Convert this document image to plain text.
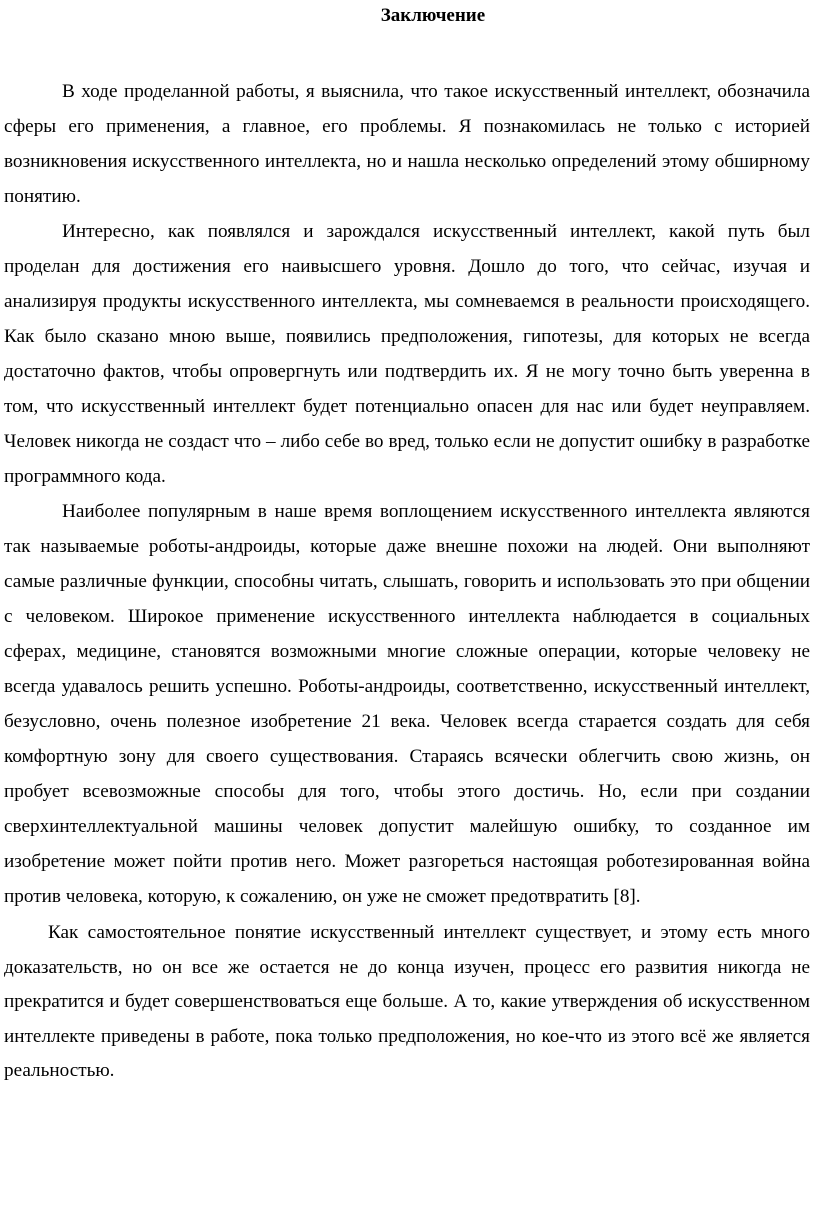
Заключение

В ходе проделанной работы, я выяснила, что такое искусственный интеллект, обозначила сферы его применения, а главное, его проблемы. Я познакомилась не только с историей возникновения искусственного интеллекта, но и нашла несколько определений этому обширному понятию.

Интересно, как появлялся и зарождался искусственный интеллект, какой путь был проделан для достижения его наивысшего уровня. Дошло до того, что сейчас, изучая и анализируя продукты искусственного интеллекта, мы сомневаемся в реальности происходящего. Как было сказано мною выше, появились предположения, гипотезы, для которых не всегда достаточно фактов, чтобы опровергнуть или подтвердить их. Я не могу точно быть уверенна в том, что искусственный интеллект будет потенциально опасен для нас или будет неуправляем. Человек никогда не создаст что – либо себе во вред, только если не допустит ошибку в разработке программного кода.

Наиболее популярным в наше время воплощением искусственного интеллекта являются так называемые роботы-андроиды, которые даже внешне похожи на людей. Они выполняют самые различные функции, способны читать, слышать, говорить и использовать это при общении с человеком. Широкое применение искусственного интеллекта наблюдается в социальных сферах, медицине, становятся возможными многие сложные операции, которые человеку не всегда удавалось решить успешно. Роботы-андроиды, соответственно, искусственный интеллект, безусловно, очень полезное изобретение 21 века. Человек всегда старается создать для себя комфортную зону для своего существования. Стараясь всячески облегчить свою жизнь, он пробует всевозможные способы для того, чтобы этого достичь. Но, если при создании сверхинтеллектуальной машины человек допустит малейшую ошибку, то созданное им изобретение может пойти против него. Может разгореться настоящая роботезированная война против человека, которую, к сожалению, он уже не сможет предотвратить [8].

Как самостоятельное понятие искусственный интеллект существует, и этому есть много доказательств, но он все же остается не до конца изучен, процесс его развития никогда не прекратится и будет совершенствоваться еще больше. А то, какие утверждения об искусственном интеллекте приведены в работе, пока только предположения, но кое-что из этого всё же является реальностью.
